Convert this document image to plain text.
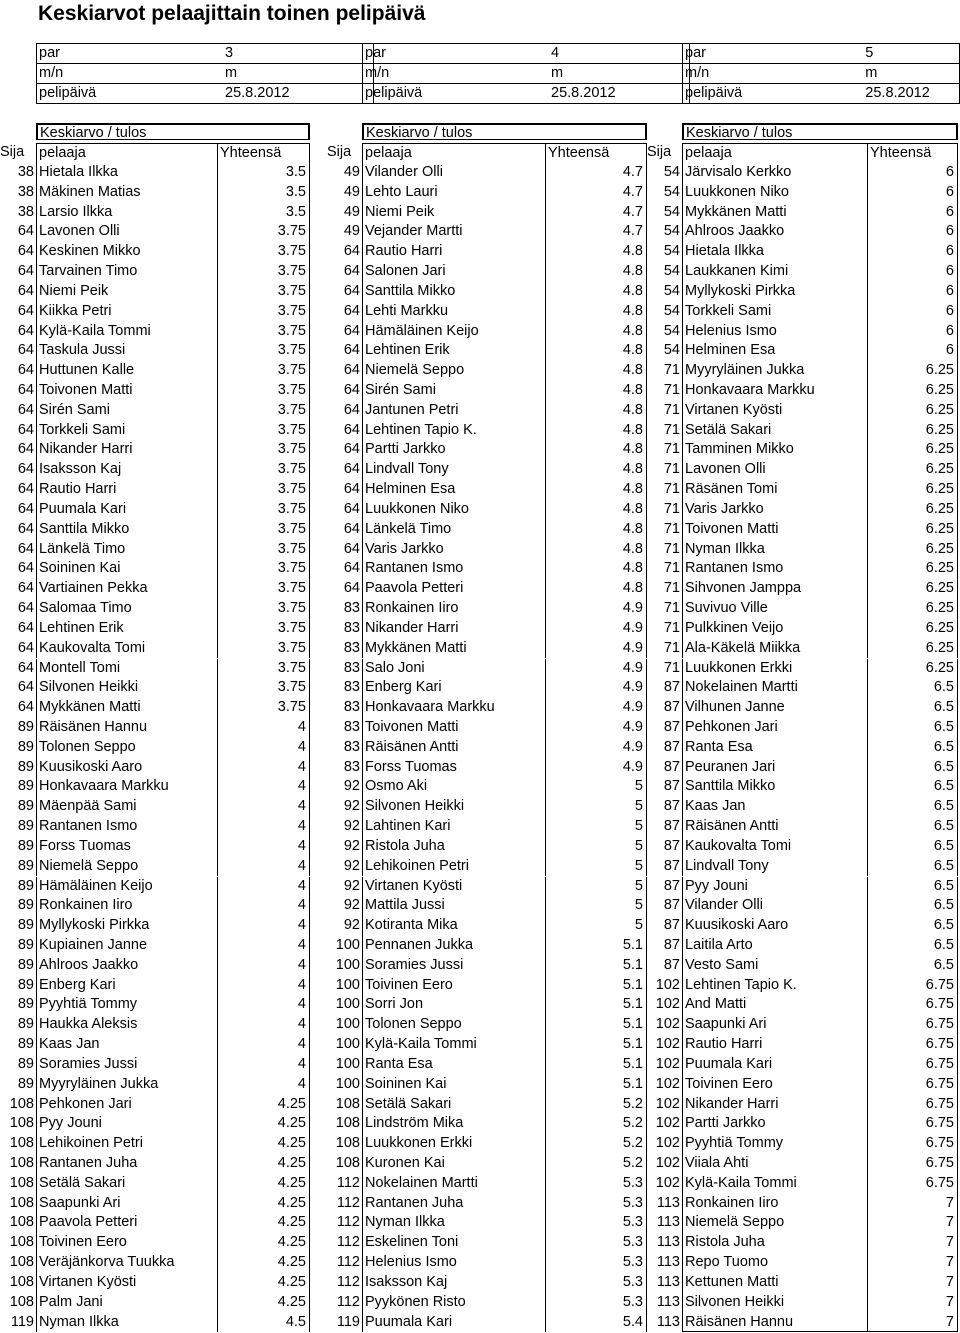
Keskiarvot pelaajittain toinen pelipäivä
par	3
m/n	m
pelipäivä	25.8.2012
par	4
m/n	m
pelipäivä	25.8.2012
par	5
m/n	m
pelipäivä	25.8.2012
Keskiarvo / tulos
Sija	pelaaja	Yhteensä
Keskiarvo / tulos
Sija pelaaja	Yhteensä
Keskiarvo / tulos
Sija pelaaja	Yhteensä
38 Hietala Ilkka	3.5
38 Mäkinen Matias	3.5
38 Larsio Ilkka	3.5
64 Lavonen Olli	3.75
64 Keskinen Mikko	3.75
64 Tarvainen Timo	3.75
64 Niemi Peik	3.75
64 Kiikka Petri	3.75
64 Kylä-Kaila Tommi	3.75
64 Taskula Jussi	3.75
64 Huttunen Kalle	3.75
64 Toivonen Matti	3.75
64 Sirén Sami	3.75
64 Torkkeli Sami	3.75
64 Nikander Harri	3.75
64 Isaksson Kaj	3.75
64 Rautio Harri	3.75
64 Puumala Kari	3.75
64 Santtila Mikko	3.75
64 Länkelä Timo	3.75
64 Soininen Kai	3.75
64 Vartiainen Pekka	3.75
64 Salomaa Timo	3.75
64 Lehtinen Erik	3.75
64 Kaukovalta Tomi	3.75
64 Montell Tomi	3.75
64 Silvonen Heikki	3.75
64 Mykkänen Matti	3.75
89 Räisänen Hannu	4
89 Tolonen Seppo	4
89 Kuusikoski Aaro	4
89 Honkavaara Markku	4
89 Mäenpää Sami	4
89 Rantanen Ismo	4
89 Forss Tuomas	4
89 Niemelä Seppo	4
89 Hämäläinen Keijo	4
89 Ronkainen Iiro	4
89 Myllykoski Pirkka	4
89 Kupiainen Janne	4
89 Ahlroos Jaakko	4
89 Enberg Kari	4
89 Pyyhtiä Tommy	4
89 Haukka Aleksis	4
89 Kaas Jan	4
89 Soramies Jussi	4
89 Myyryläinen Jukka	4
108 Pehkonen Jari	4.25
108 Pyy Jouni	4.25
108 Lehikoinen Petri	4.25
108 Rantanen Juha	4.25
108 Setälä Sakari	4.25
108 Saapunki Ari	4.25
108 Paavola Petteri	4.25
108 Toivinen Eero	4.25
108 Veräjänkorva Tuukka	4.25
108 Virtanen Kyösti	4.25
108 Palm Jani	4.25
119 Nyman Ilkka	4.5
49 Vilander Olli	4.7
49 Lehto Lauri	4.7
49 Niemi Peik	4.7
49 Vejander Martti	4.7
64 Rautio Harri	4.8
64 Salonen Jari	4.8
64 Santtila Mikko	4.8
64 Lehti Markku	4.8
64 Hämäläinen Keijo	4.8
64 Lehtinen Erik	4.8
64 Niemelä Seppo	4.8
64 Sirén Sami	4.8
64 Jantunen Petri	4.8
64 Lehtinen Tapio K.	4.8
64 Partti Jarkko	4.8
64 Lindvall Tony	4.8
64 Helminen Esa	4.8
64 Luukkonen Niko	4.8
64 Länkelä Timo	4.8
64 Varis Jarkko	4.8
64 Rantanen Ismo	4.8
64 Paavola Petteri	4.8
83 Ronkainen Iiro	4.9
83 Nikander Harri	4.9
83 Mykkänen Matti	4.9
83 Salo Joni	4.9
83 Enberg Kari	4.9
83 Honkavaara Markku	4.9
83 Toivonen Matti	4.9
83 Räisänen Antti	4.9
83 Forss Tuomas	4.9
92 Osmo Aki	5
92 Silvonen Heikki	5
92 Lahtinen Kari	5
92 Ristola Juha	5
92 Lehikoinen Petri	5
92 Virtanen Kyösti	5
92 Mattila Jussi	5
92 Kotiranta Mika	5
100 Pennanen Jukka	5.1
100 Soramies Jussi	5.1
100 Toivinen Eero	5.1
100 Sorri Jon	5.1
100 Tolonen Seppo	5.1
100 Kylä-Kaila Tommi	5.1
100 Ranta Esa	5.1
100 Soininen Kai	5.1
108 Setälä Sakari	5.2
108 Lindström Mika	5.2
108 Luukkonen Erkki	5.2
108 Kuronen Kai	5.2
112 Nokelainen Martti	5.3
112 Rantanen Juha	5.3
112 Nyman Ilkka	5.3
112 Eskelinen Toni	5.3
112 Helenius Ismo	5.3
112 Isaksson Kaj	5.3
112 Pyykönen Risto	5.3
119 Puumala Kari	5.4
54 Järvisalo Kerkko	6
54 Luukkonen Niko	6
54 Mykkänen Matti	6
54 Ahlroos Jaakko	6
54 Hietala Ilkka	6
54 Laukkanen Kimi	6
54 Myllykoski Pirkka	6
54 Torkkeli Sami	6
54 Helenius Ismo	6
54 Helminen Esa	6
71 Myyryläinen Jukka	6.25
71 Honkavaara Markku	6.25
71 Virtanen Kyösti	6.25
71 Setälä Sakari	6.25
71 Tamminen Mikko	6.25
71 Lavonen Olli	6.25
71 Räsänen Tomi	6.25
71 Varis Jarkko	6.25
71 Toivonen Matti	6.25
71 Nyman Ilkka	6.25
71 Rantanen Ismo	6.25
71 Sihvonen Jamppa	6.25
71 Suvivuo Ville	6.25
71 Pulkkinen Veijo	6.25
71 Ala-Käkelä Miikka	6.25
71 Luukkonen Erkki	6.25
87 Nokelainen Martti	6.5
87 Vilhunen Janne	6.5
87 Pehkonen Jari	6.5
87 Ranta Esa	6.5
87 Peuranen Jari	6.5
87 Santtila Mikko	6.5
87 Kaas Jan	6.5
87 Räisänen Antti	6.5
87 Kaukovalta Tomi	6.5
87 Lindvall Tony	6.5
87 Pyy Jouni	6.5
87 Vilander Olli	6.5
87 Kuusikoski Aaro	6.5
87 Laitila Arto	6.5
87 Vesto Sami	6.5
102 Lehtinen Tapio K.	6.75
102 And Matti	6.75
102 Saapunki Ari	6.75
102 Rautio Harri	6.75
102 Puumala Kari	6.75
102 Toivinen Eero	6.75
102 Nikander Harri	6.75
102 Partti Jarkko	6.75
102 Pyyhtiä Tommy	6.75
102 Viiala Ahti	6.75
102 Kylä-Kaila Tommi	6.75
113 Ronkainen Iiro	7
113 Niemelä Seppo	7
113 Ristola Juha	7
113 Repo Tuomo	7
113 Kettunen Matti	7
113 Silvonen Heikki	7
113 Räisänen Hannu	7
